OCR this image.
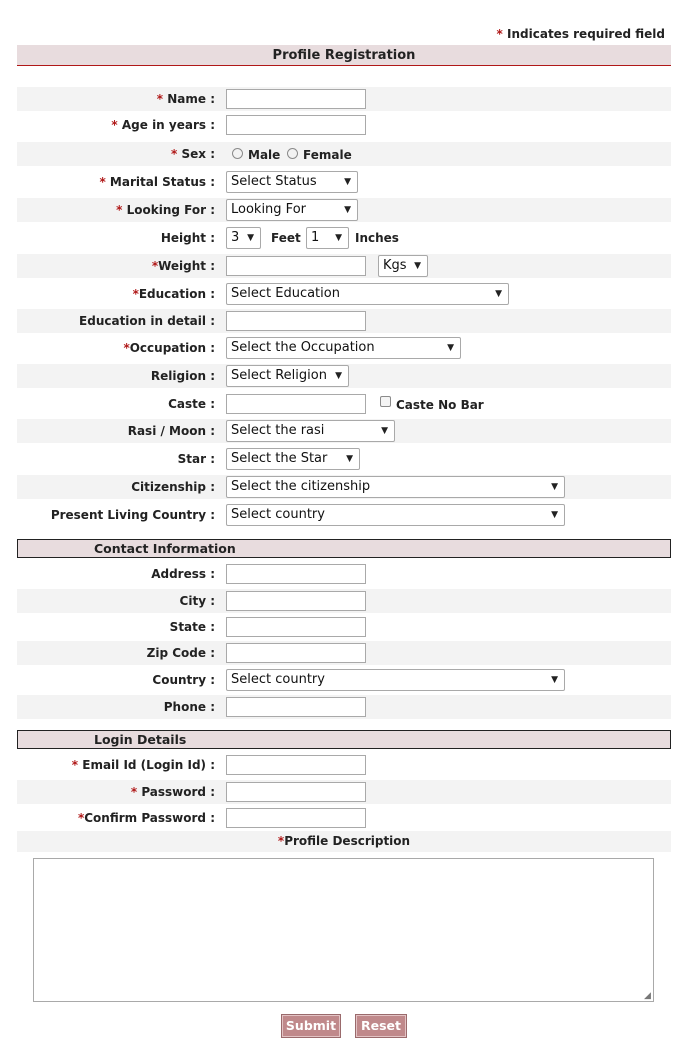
* Indicates required field
Profile Registration
* Name :
* Age in years :
* Sex :	Male Female
* Marital Status :	Select Status	▼
* Looking For :	Looking For	▼
Height :	3 ▼ Feet 1 ▼ Inches
*Weight :	Kgs ▼
*Education :	Select Education	▼
Education in detail :
*Occupation :	Select the Occupation	▼
Religion :	Select Religion ▼
Caste :	Caste No Bar
Rasi / Moon :	Select the rasi	▼
Star :	Select the Star ▼
Citizenship :	Select the citizenship	▼
Present Living Country :	Select country	▼
Contact Information
Address :
City :
State :
Zip Code :
Country :	Select country	▼
Phone :
Login Details
* Email Id (Login Id) :
* Password :
*Confirm Password :
*Profile Description
◢
Submit	Reset
